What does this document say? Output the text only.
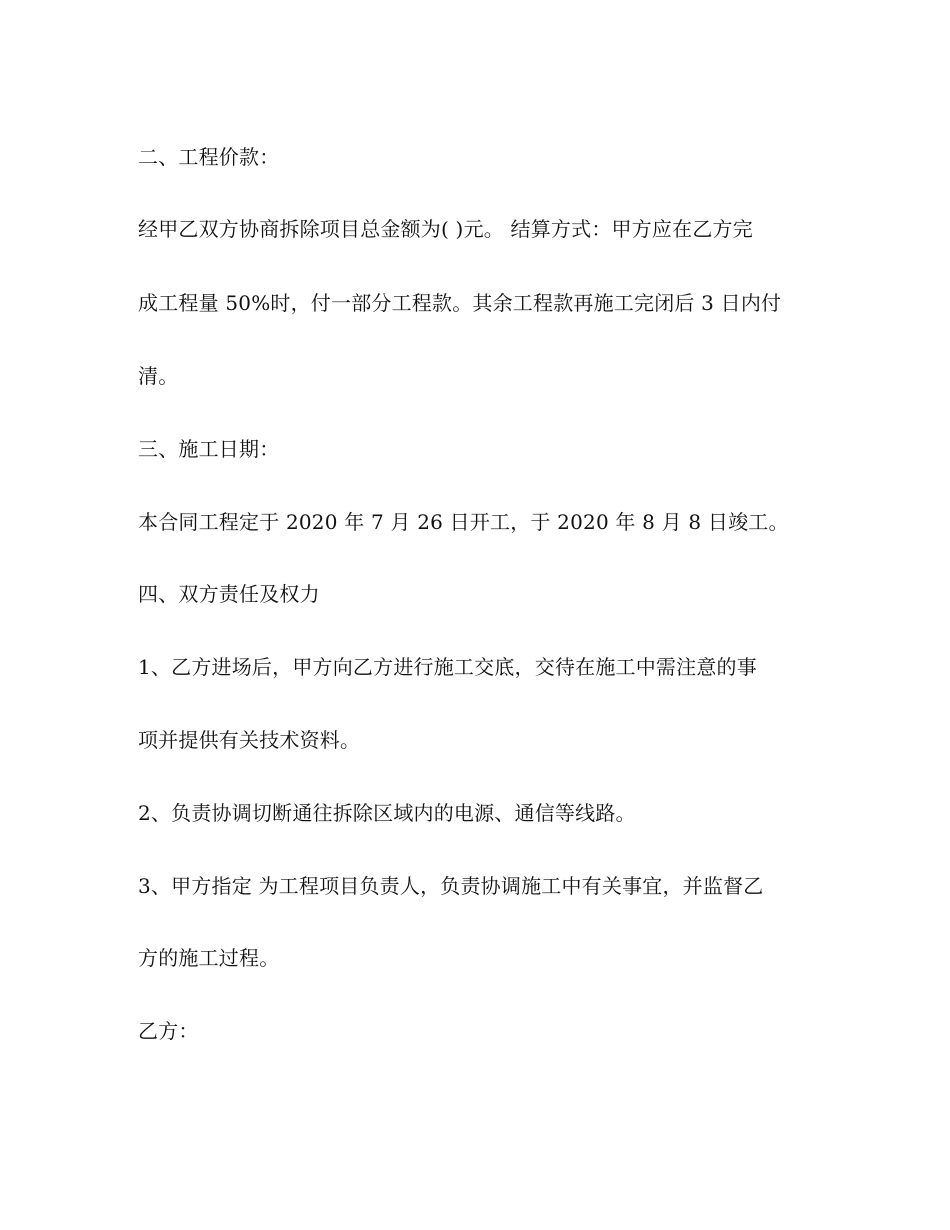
二、工程价款：
经甲乙双方协商拆除项目总金额为( )元。 结算方式：甲方应在乙方完
成工程量 50%时，付一部分工程款。其余工程款再施工完闭后 3 日内付
清。
三、施工日期：
本合同工程定于 2020 年 7 月 26 日开工，于 2020 年 8 月 8 日竣工。
四、双方责任及权力
1、乙方进场后，甲方向乙方进行施工交底，交待在施工中需注意的事
项并提供有关技术资料。
2、负责协调切断通往拆除区域内的电源、通信等线路。
3、甲方指定 为工程项目负责人，负责协调施工中有关事宜，并监督乙
方的施工过程。
乙方：
